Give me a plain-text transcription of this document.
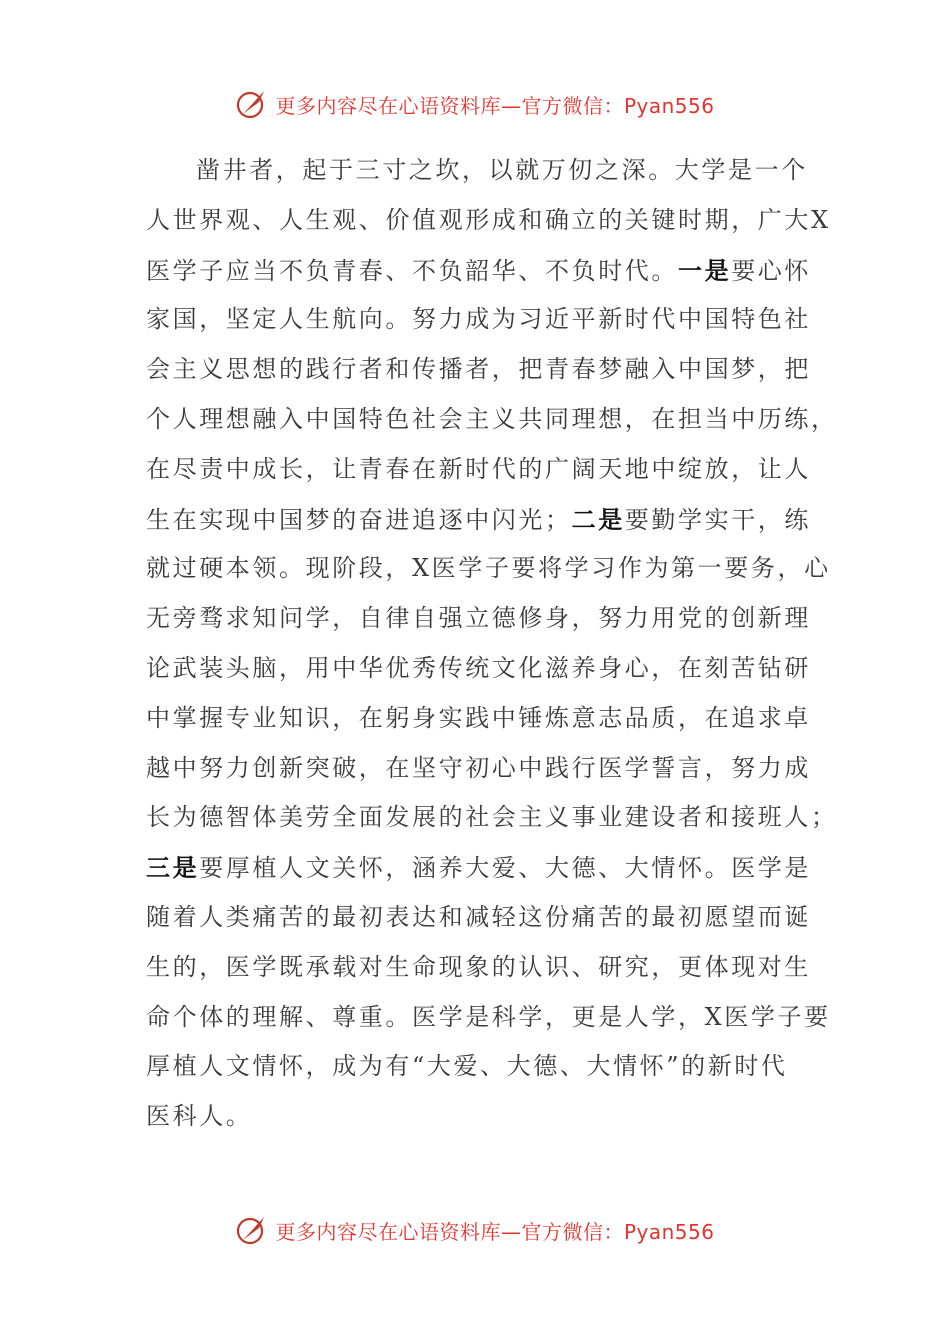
更多内容尽在心语资料库—官方微信：Pyan556
凿井者，起于三寸之坎，以就万仞之深。大学是一个
人世界观、人生观、价值观形成和确立的关键时期，广大X
医学子应当不负青春、不负韶华、不负时代。一是要心怀
家国，坚定人生航向。努力成为习近平新时代中国特色社
会主义思想的践行者和传播者，把青春梦融入中国梦，把
个人理想融入中国特色社会主义共同理想，在担当中历练，
在尽责中成长，让青春在新时代的广阔天地中绽放，让人
生在实现中国梦的奋进追逐中闪光；二是要勤学实干，练
就过硬本领。现阶段，X医学子要将学习作为第一要务，心
无旁骛求知问学，自律自强立德修身，努力用党的创新理
论武装头脑，用中华优秀传统文化滋养身心，在刻苦钻研
中掌握专业知识，在躬身实践中锤炼意志品质，在追求卓
越中努力创新突破，在坚守初心中践行医学誓言，努力成
长为德智体美劳全面发展的社会主义事业建设者和接班人；
三是要厚植人文关怀，涵养大爱、大德、大情怀。医学是
随着人类痛苦的最初表达和减轻这份痛苦的最初愿望而诞
生的，医学既承载对生命现象的认识、研究，更体现对生
命个体的理解、尊重。医学是科学，更是人学，X医学子要
厚植人文情怀，成为有“大爱、大德、大情怀”的新时代
医科人。
更多内容尽在心语资料库—官方微信：Pyan556
